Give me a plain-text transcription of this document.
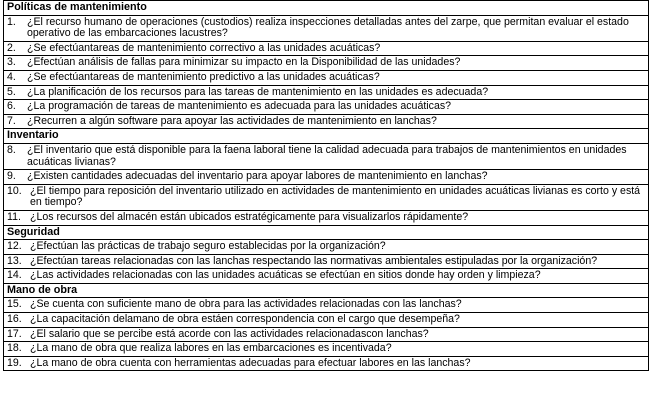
Políticas de mantenimiento

1.	¿El recurso humano de operaciones (custodios) realiza inspecciones detalladas antes del zarpe, que permitan evaluar el estado operativo de las embarcaciones lacustres?

2.	¿Se efectúantareas de mantenimiento correctivo a las unidades acuáticas?

3.	¿Efectúan análisis de fallas para minimizar su impacto en la Disponibilidad de las unidades?

4.	¿Se efectúantareas de mantenimiento predictivo a las unidades acuáticas?

5.	¿La planificación de los recursos para las tareas de mantenimiento en las unidades es adecuada?

6.	¿La programación de tareas de mantenimiento es adecuada para las unidades acuáticas?

7.	¿Recurren a algún software para apoyar las actividades de mantenimiento en lanchas?

Inventario

8.	¿El inventario que está disponible para la faena laboral tiene la calidad adecuada para trabajos de mantenimientos en unidades acuáticas livianas?

9.	¿Existen cantidades adecuadas del inventario para apoyar labores de mantenimiento en lanchas?

10. ¿El tiempo para reposición del inventario utilizado en actividades de mantenimiento en unidades acuáticas livianas es corto y está en tiempo?

11. ¿Los recursos del almacén están ubicados estratégicamente para visualizarlos rápidamente?

Seguridad

12. ¿Efectúan las prácticas de trabajo seguro establecidas por la organización?

13. ¿Efectúan tareas relacionadas con las lanchas respectando las normativas ambientales estipuladas por la organización?

14. ¿Las actividades relacionadas con las unidades acuáticas se efectúan en sitios donde hay orden y limpieza?

Mano de obra

15. ¿Se cuenta con suficiente mano de obra para las actividades relacionadas con las lanchas?

16. ¿La capacitación delamano de obra estáen correspondencia con el cargo que desempeña?

17. ¿El salario que se percibe está acorde con las actividades relacionadascon lanchas?

18. ¿La mano de obra que realiza labores en las embarcaciones es incentivada?

19. ¿La mano de obra cuenta con herramientas adecuadas para efectuar labores en las lanchas?
